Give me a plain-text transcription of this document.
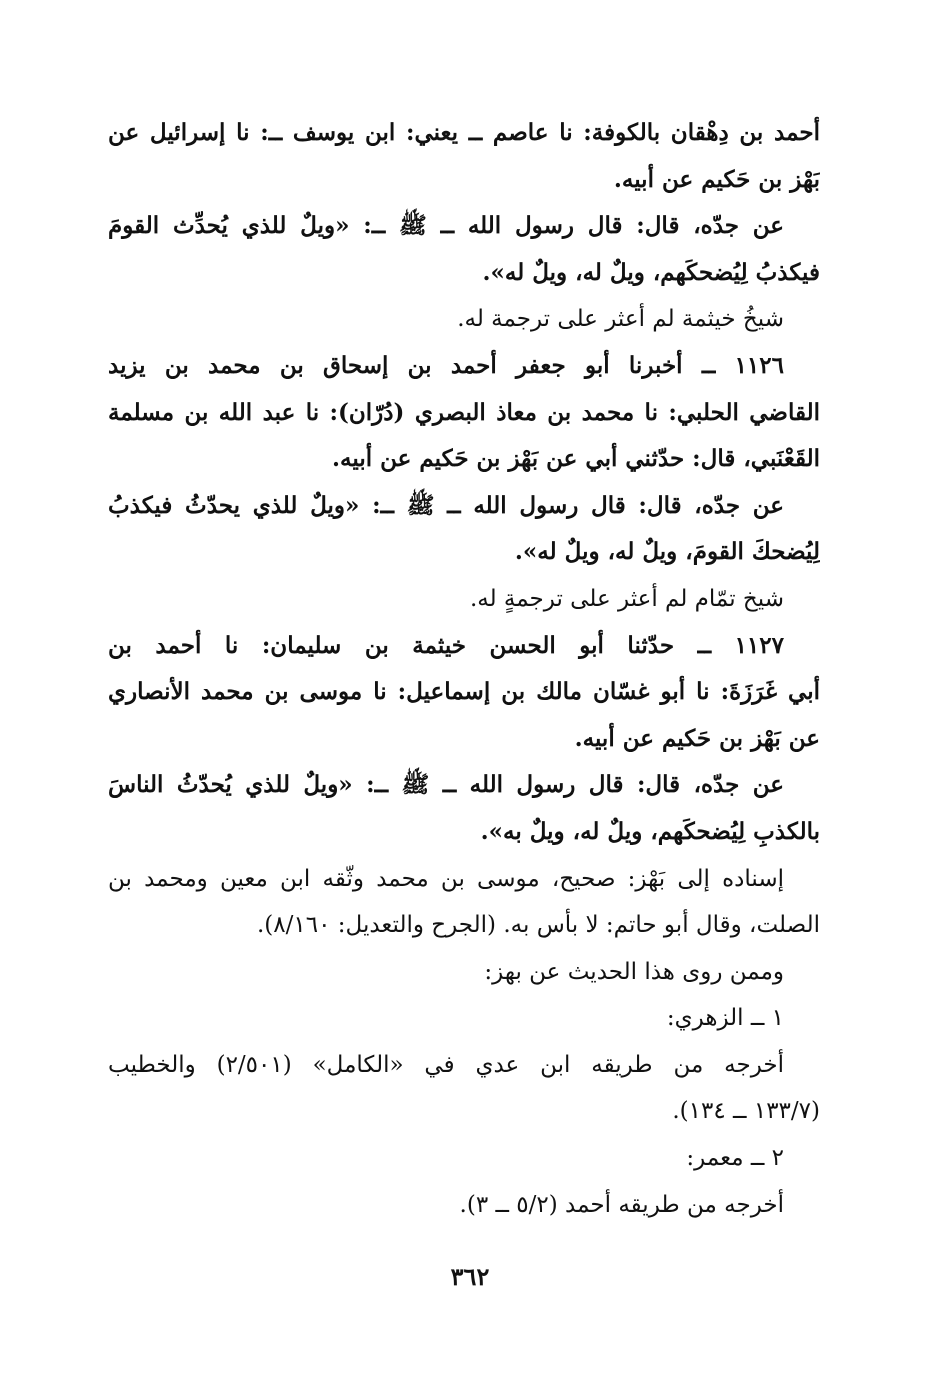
أحمد بن دِهْقان بالكوفة: نا عاصم ــ يعني: ابن يوسف ــ: نا إسرائيل عن
بَهْز بن حَكيم عن أبيه.
عن جدّه، قال: قال رسول الله ــ ﷺ ــ: «ويلٌ للذي يُحدِّث القومَ
فيكذبُ لِيُضحكَهم، ويلٌ له، ويلٌ له».
شيخُ خيثمة لم أعثر على ترجمة له.
١١٢٦ ــ أخبرنا أبو جعفر أحمد بن إسحاق بن محمد بن يزيد
القاضي الحلبي: نا محمد بن معاذ البصري (دُرّان): نا عبد الله بن مسلمة
القَعْنَبي، قال: حدّثني أبي عن بَهْز بن حَكيم عن أبيه.
عن جدّه، قال: قال رسول الله ــ ﷺ ــ: «ويلٌ للذي يحدّثُ فيكذبُ
لِيُضحكَ القومَ، ويلٌ له، ويلٌ له».
شيخ تمّام لم أعثر على ترجمةٍ له.
١١٢٧ ــ حدّثنا أبو الحسن خيثمة بن سليمان: نا أحمد بن
أبي غَرَزَةَ: نا أبو غسّان مالك بن إسماعيل: نا موسى بن محمد الأنصاري
عن بَهْز بن حَكيم عن أبيه.
عن جدّه، قال: قال رسول الله ــ ﷺ ــ: «ويلٌ للذي يُحدّثُ الناسَ
بالكذبِ لِيُضحكَهم، ويلٌ له، ويلٌ به».
إسناده إلى بَهْز: صحيح، موسى بن محمد وثّقه ابن معين ومحمد بن
الصلت، وقال أبو حاتم: لا بأس به. (الجرح والتعديل: ٨/١٦٠).
وممن روى هذا الحديث عن بهز:
١ ــ الزهري:
أخرجه من طريقه ابن عدي في «الكامل» (٢/٥٠١) والخطيب
(١٣٣/٧ ــ ١٣٤).
٢ ــ معمر:
أخرجه من طريقه أحمد (٥/٢ ــ ٣).
٣٦٢
